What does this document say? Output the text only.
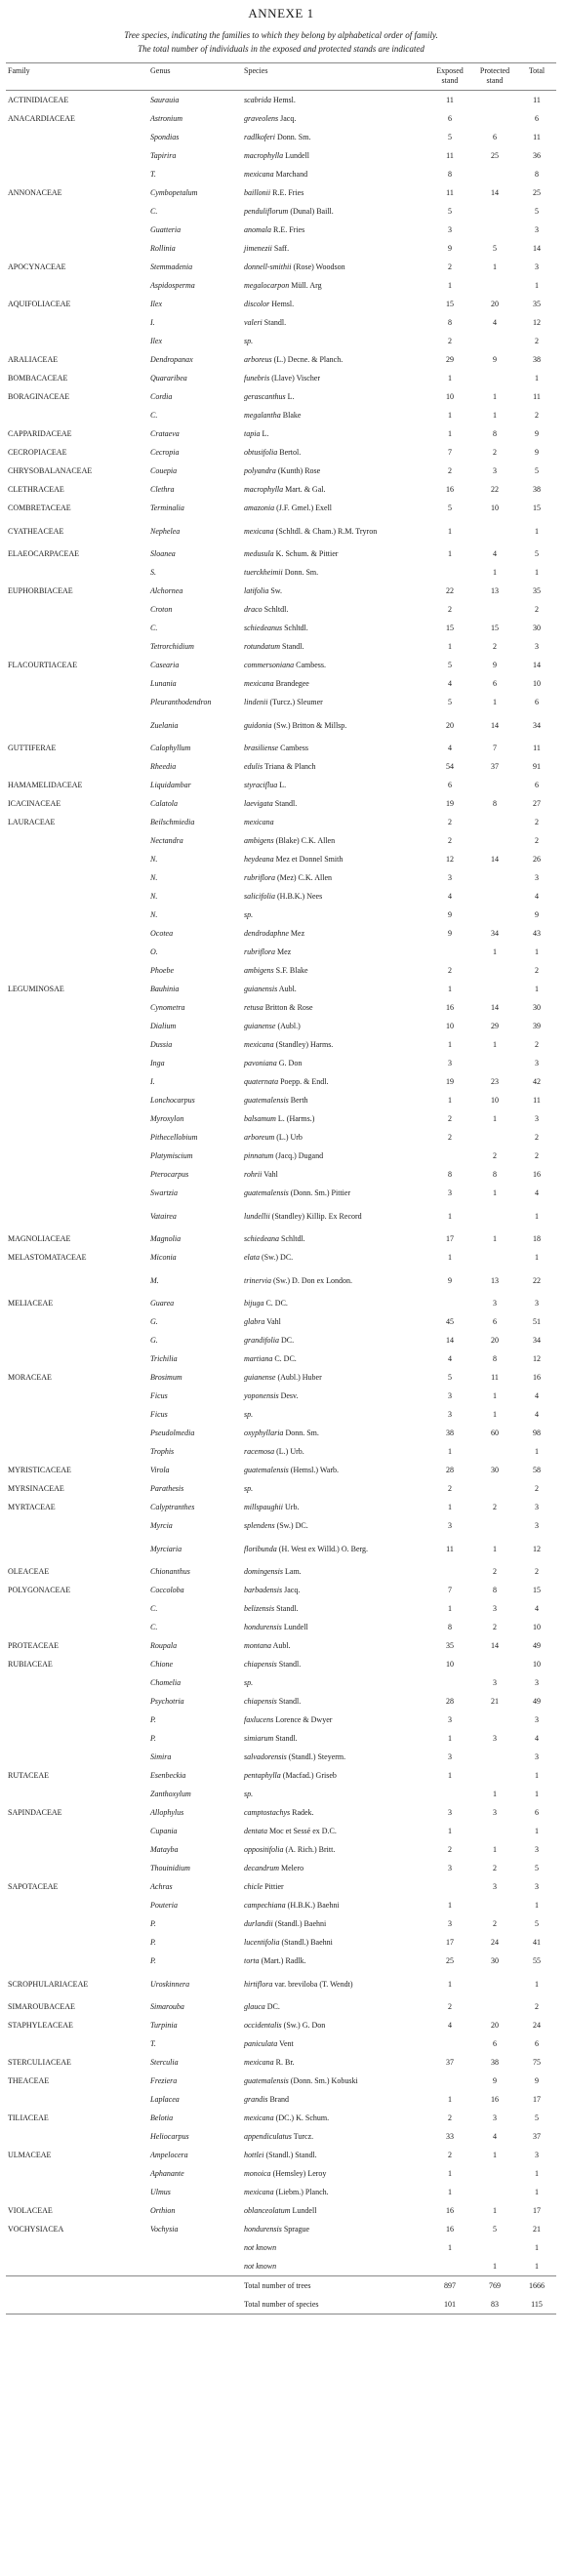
ANNEXE 1
Tree species, indicating the families to which they belong by alphabetical order of family.
The total number of individuals in the exposed and protected stands are indicated
Family	Genus	Species	Exposed stand	Protected stand	Total
ACTINIDIACEAE	Saurauia	scabrida Hemsl.	11		11
ANACARDIACEAE	Astronium	graveolens Jacq.	6		6
	Spondias	radlkoferi Donn. Sm.	5	6	11
	Tapirira	macrophylla Lundell	11	25	36
	T.	mexicana Marchand	8		8
ANNONACEAE	Cymbopetalum	baillonii R.E. Fries	11	14	25
	C.	penduliflorum (Dunal) Baill.	5		5
	Guatteria	anomala R.E. Fries	3		3
	Rollinia	jimenezii Saff.	9	5	14
APOCYNACEAE	Stemmadenia	donnell-smithii (Rose) Woodson	2	1	3
	Aspidosperma	megalocarpon Müll. Arg	1		1
AQUIFOLIACEAE	Ilex	discolor Hemsl.	15	20	35
	I.	valeri Standl.	8	4	12
	Ilex	sp.	2		2
ARALIACEAE	Dendropanax	arboreus (L.) Decne. & Planch.	29	9	38
BOMBACACEAE	Quararibea	funebris (Llave) Vischer	1		1
BORAGINACEAE	Cordia	gerascanthus L.	10	1	11
	C.	megalantha Blake	1	1	2
CAPPARIDACEAE	Crataeva	tapia L.	1	8	9
CECROPIACEAE	Cecropia	obtusifolia Bertol.	7	2	9
CHRYSOBALANACEAE	Couepia	polyandra (Kunth) Rose	2	3	5
CLETHRACEAE	Clethra	macrophylla Mart. & Gal.	16	22	38
COMBRETACEAE	Terminalia	amazonia (J.F. Gmel.) Exell	5	10	15
CYATHEACEAE	Nephelea	mexicana (Schltdl. & Cham.) R.M. Tryron	1		1
ELAEOCARPACEAE	Sloanea	medusula K. Schum. & Pittier	1	4	5
	S.	tuerckheimii Donn. Sm.		1	1
EUPHORBIACEAE	Alchornea	latifolia Sw.	22	13	35
	Croton	draco Schltdl.	2		2
	C.	schiedeanus Schltdl.	15	15	30
	Tetrorchidium	rotundatum Standl.	1	2	3
FLACOURTIACEAE	Casearia	commersoniana Cambess.	5	9	14
	Lunania	mexicana Brandegee	4	6	10
	Pleuranthodendron	lindenii (Turcz.) Sleumer	5	1	6
	Zuelania	guidonia (Sw.) Britton & Millsp.	20	14	34
GUTTIFERAE	Calophyllum	brasiliense Cambess	4	7	11
	Rheedia	edulis Triana & Planch	54	37	91
HAMAMELIDACEAE	Liquidambar	styraciflua L.	6		6
ICACINACEAE	Calatola	laevigata Standl.	19	8	27
LAURACEAE	Beilschmiedia	mexicana	2		2
	Nectandra	ambigens (Blake) C.K. Allen	2		2
	N.	heydeana Mez et Donnel Smith	12	14	26
	N.	rubriflora (Mez) C.K. Allen	3		3
	N.	salicifolia (H.B.K.) Nees	4		4
	N.	sp.	9		9
	Ocotea	dendrodaphne Mez	9	34	43
	O.	rubriflora Mez		1	1
	Phoebe	ambigens S.F. Blake	2		2
LEGUMINOSAE	Bauhinia	guianensis Aubl.	1		1
	Cynometra	retusa Britton & Rose	16	14	30
	Dialium	guianense (Aubl.)	10	29	39
	Dussia	mexicana (Standley) Harms.	1	1	2
	Inga	pavoniana G. Don	3		3
	I.	quaternata Poepp. & Endl.	19	23	42
	Lonchocarpus	guatemalensis Berth	1	10	11
	Myroxylon	balsamum L. (Harms.)	2	1	3
	Pithecellobium	arboreum (L.) Urb	2		2
	Platymiscium	pinnatum (Jacq.) Dugand		2	2
	Pterocarpus	rohrii Vahl	8	8	16
	Swartzia	guatemalensis (Donn. Sm.) Pittier	3	1	4
	Vatairea	lundellii (Standley) Killip. Ex Record	1		1
MAGNOLIACEAE	Magnolia	schiedeana Schltdl.	17	1	18
MELASTOMATACEAE	Miconia	elata (Sw.) DC.	1		1
	M.	trinervia (Sw.) D. Don ex London.	9	13	22
MELIACEAE	Guarea	bijuga C. DC.		3	3
	G.	glabra Vahl	45	6	51
	G.	grandifolia DC.	14	20	34
	Trichilia	martiana C. DC.	4	8	12
MORACEAE	Brosimum	guianense (Aubl.) Huber	5	11	16
	Ficus	yoponensis Desv.	3	1	4
	Ficus	sp.	3	1	4
	Pseudolmedia	oxyphyllaria Donn. Sm.	38	60	98
	Trophis	racemosa (L.) Urb.	1		1
MYRISTICACEAE	Virola	guatemalensis (Hemsl.) Warb.	28	30	58
MYRSINACEAE	Parathesis	sp.	2		2
MYRTACEAE	Calyptranthes	millspaughii Urb.	1	2	3
	Myrcia	splendens (Sw.) DC.	3		3
	Myrciaria	floribunda (H. West ex Willd.) O. Berg.	11	1	12
OLEACEAE	Chionanthus	domingensis Lam.		2	2
POLYGONACEAE	Coccoloba	barbadensis Jacq.	7	8	15
	C.	belizensis Standl.	1	3	4
	C.	hondurensis Lundell	8	2	10
PROTEACEAE	Roupala	montana Aubl.	35	14	49
RUBIACEAE	Chione	chiapensis Standl.	10		10
	Chomelia	sp.		3	3
	Psychotria	chiapensis Standl.	28	21	49
	P.	faxlucens Lorence & Dwyer	3		3
	P.	simiarum Standl.	1	3	4
	Simira	salvadorensis (Standl.) Steyerm.	3		3
RUTACEAE	Esenbeckia	pentaphylla (Macfad.) Griseb	1		1
	Zanthoxylum	sp.		1	1
SAPINDACEAE	Allophylus	camptostachys Radek.	3	3	6
	Cupania	dentata Moc et Sessé ex D.C.	1		1
	Matayba	oppositifolia (A. Rich.) Britt.	2	1	3
	Thouinidium	decandrum Melero	3	2	5
SAPOTACEAE	Achras	chicle Pittier		3	3
	Pouteria	campechiana (H.B.K.) Baehni	1		1
	P.	durlandii (Standl.) Baehni	3	2	5
	P.	lucentifolia (Standl.) Baehni	17	24	41
	P.	torta (Mart.) Radlk.	25	30	55
SCROPHULARIACEAE	Uroskinnera	hirtiflora var. breviloba (T. Wendt)	1		1
SIMAROUBACEAE	Simarouba	glauca DC.	2		2
STAPHYLEACEAE	Turpinia	occidentalis (Sw.) G. Don	4	20	24
	T.	paniculata Vent		6	6
STERCULIACEAE	Sterculia	mexicana R. Br.	37	38	75
THEACEAE	Freziera	guatemalensis (Donn. Sm.) Kobuski		9	9
	Laplacea	grandis Brand	1	16	17
TILIACEAE	Belotia	mexicana (DC.) K. Schum.	2	3	5
	Heliocarpus	appendiculatus Turcz.	33	4	37
ULMACEAE	Ampelocera	hottlei (Standl.) Standl.	2	1	3
	Aphanante	monoica (Hemsley) Leroy	1		1
	Ulmus	mexicana (Liebm.) Planch.	1		1
VIOLACEAE	Orthion	oblanceolatum Lundell	16	1	17
VOCHYSIACEA	Vochysia	hondurensis Sprague	16	5	21
		not known	1		1
		not known		1	1
		Total number of trees	897	769	1666
		Total number of species	101	83	115
